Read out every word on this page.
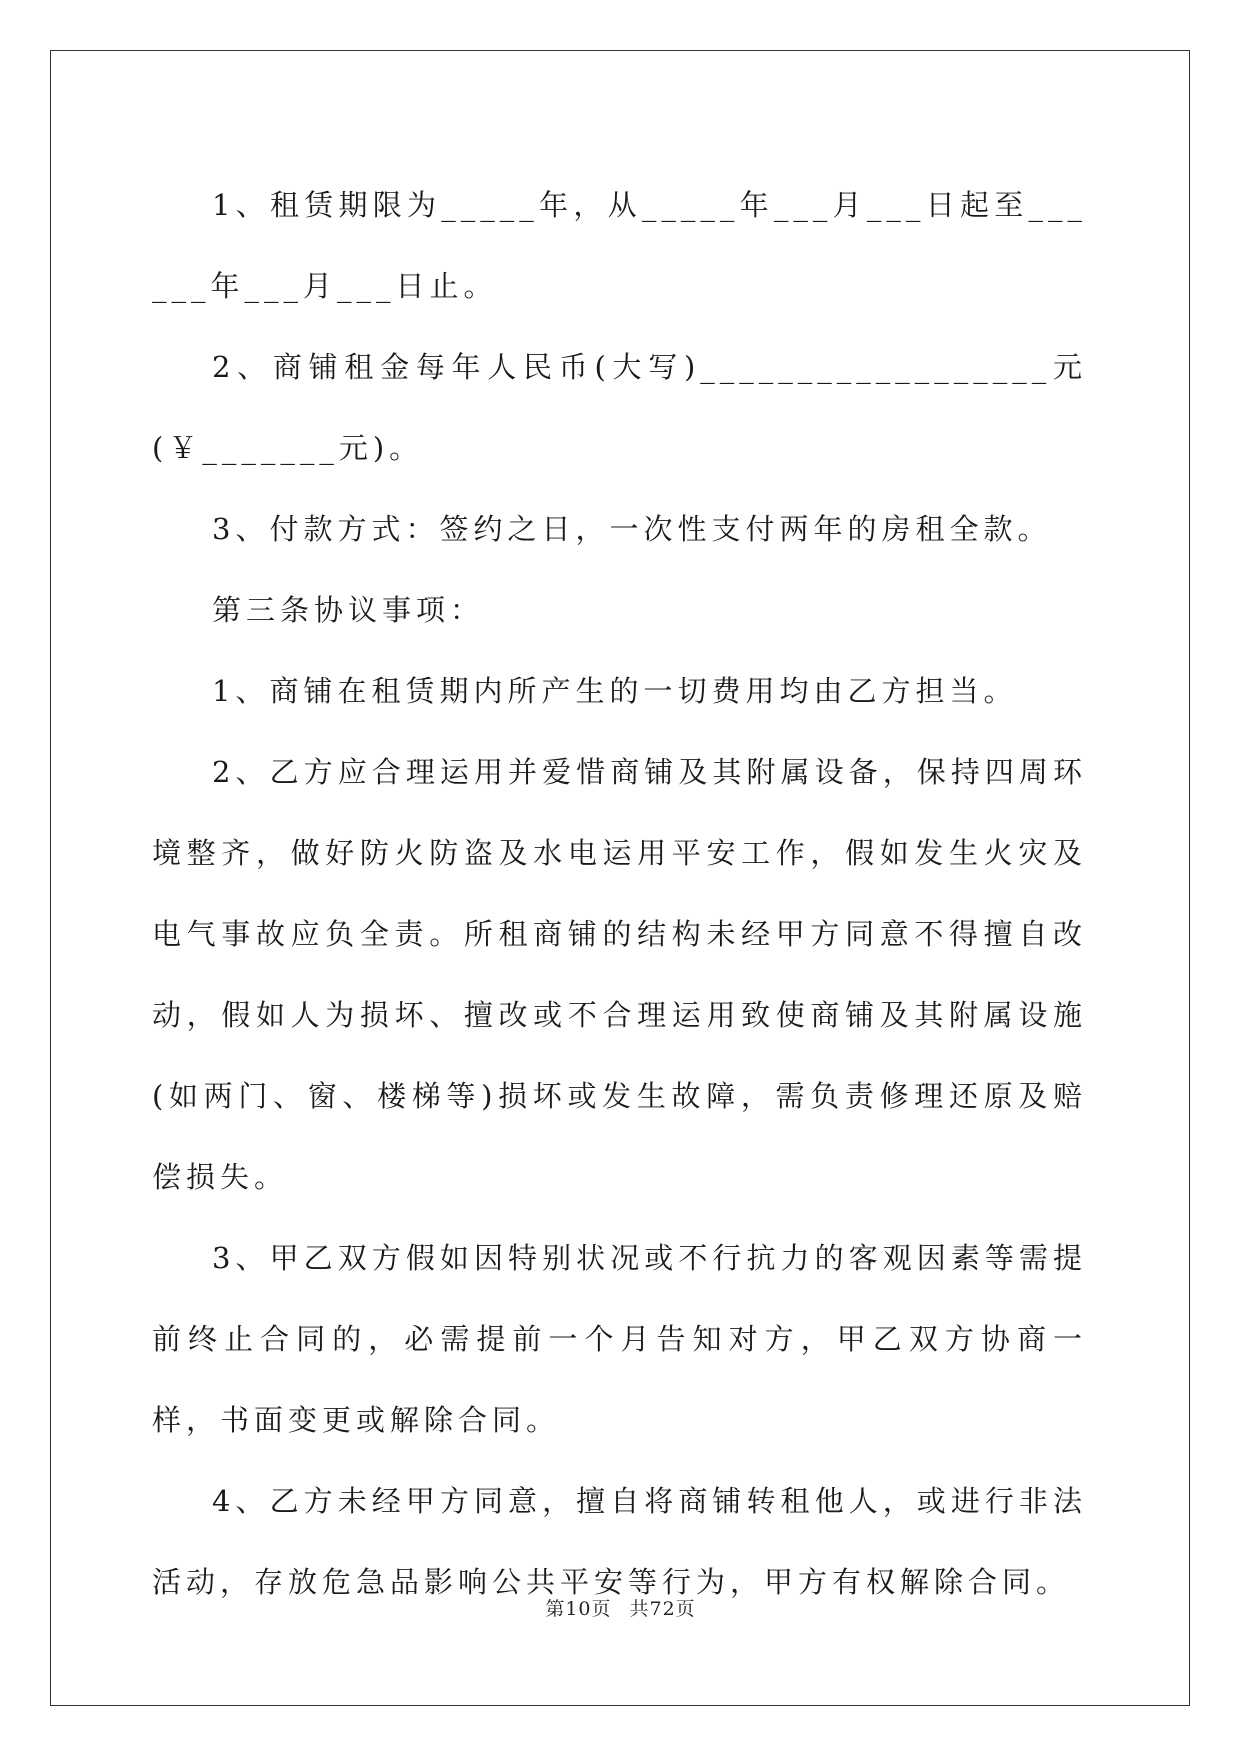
1、租赁期限为_____年，从_____年___月___日起至______年___月___日止。

2、商铺租金每年人民币(大写)__________________元(￥_______元)。

3、付款方式：签约之日，一次性支付两年的房租全款。

第三条协议事项：

1、商铺在租赁期内所产生的一切费用均由乙方担当。

2、乙方应合理运用并爱惜商铺及其附属设备，保持四周环境整齐，做好防火防盗及水电运用平安工作，假如发生火灾及电气事故应负全责。所租商铺的结构未经甲方同意不得擅自改动，假如人为损坏、擅改或不合理运用致使商铺及其附属设施(如两门、窗、楼梯等)损坏或发生故障，需负责修理还原及赔偿损失。

3、甲乙双方假如因特别状况或不行抗力的客观因素等需提前终止合同的，必需提前一个月告知对方，甲乙双方协商一样，书面变更或解除合同。

4、乙方未经甲方同意，擅自将商铺转租他人，或进行非法活动，存放危急品影响公共平安等行为，甲方有权解除合同。

第10页 共72页
